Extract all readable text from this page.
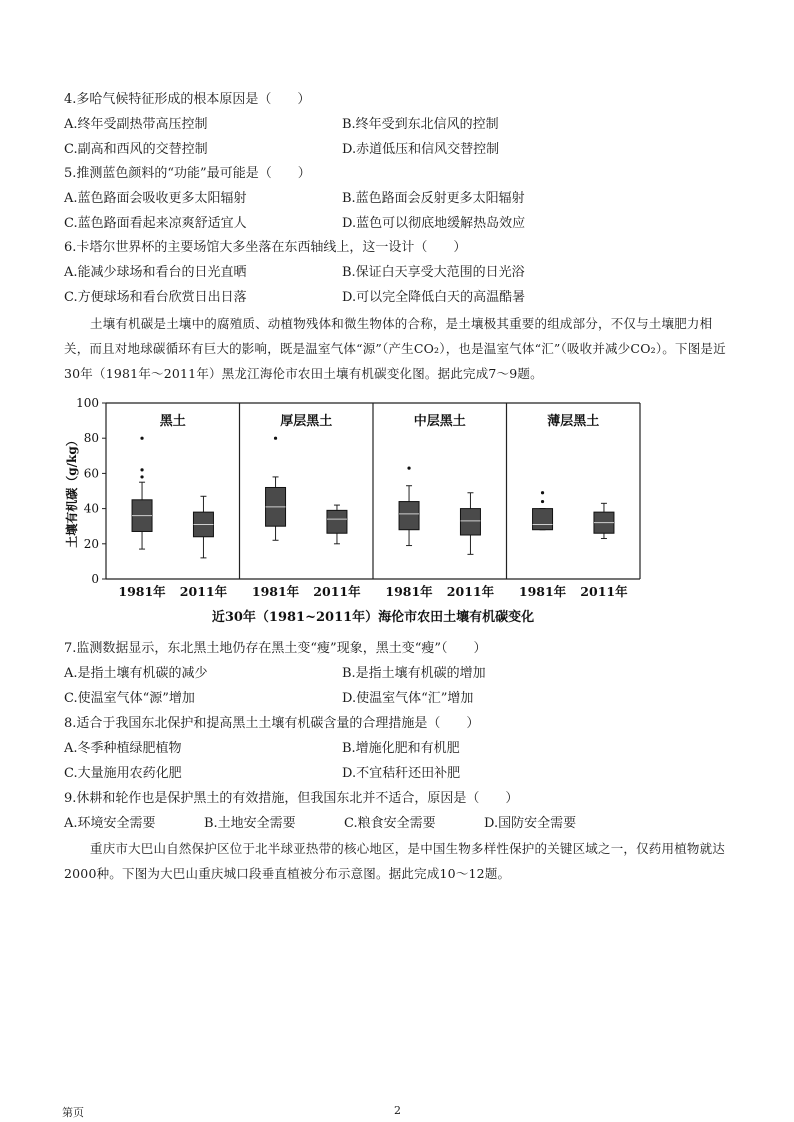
4.多哈气候特征形成的根本原因是（　　）
A.终年受副热带高压控制	B.终年受到东北信风的控制
C.副高和西风的交替控制	D.赤道低压和信风交替控制
5.推测蓝色颜料的“功能”最可能是（　　）
A.蓝色路面会吸收更多太阳辐射	B.蓝色路面会反射更多太阳辐射
C.蓝色路面看起来凉爽舒适宜人	D.蓝色可以彻底地缓解热岛效应
6.卡塔尔世界杯的主要场馆大多坐落在东西轴线上，这一设计（　　）
A.能减少球场和看台的日光直晒	B.保证白天享受大范围的日光浴
C.方便球场和看台欣赏日出日落	D.可以完全降低白天的高温酷暑
土壤有机碳是土壤中的腐殖质、动植物残体和微生物体的合称，是土壤极其重要的组成部分，不仅与土壤肥力相关，而且对地球碳循环有巨大的影响，既是温室气体“源”（产生CO₂），也是温室气体“汇”（吸收并减少CO₂）。下图是近30年（1981年～2011年）黑龙江海伦市农田土壤有机碳变化图。据此完成7～9题。
0
20
40
60
80
100
土壤有机碳（g/kg）
黑土
1981年 2011年
厚层黑土
1981年 2011年
中层黑土
1981年 2011年
薄层黑土
1981年 2011年
近30年（1981~2011年）海伦市农田土壤有机碳变化
7.监测数据显示，东北黑土地仍存在黑土变“瘦”现象，黑土变“瘦”（　　）
A.是指土壤有机碳的减少	B.是指土壤有机碳的增加
C.使温室气体“源”增加	D.使温室气体“汇”增加
8.适合于我国东北保护和提高黑土土壤有机碳含量的合理措施是（　　）
A.冬季种植绿肥植物	B.增施化肥和有机肥
C.大量施用农药化肥	D.不宜秸秆还田补肥
9.休耕和轮作也是保护黑土的有效措施，但我国东北并不适合，原因是（　　）
A.环境安全需要	B.土地安全需要	C.粮食安全需要	D.国防安全需要
重庆市大巴山自然保护区位于北半球亚热带的核心地区，是中国生物多样性保护的关键区域之一，仅药用植物就达2000种。下图为大巴山重庆城口段垂直植被分布示意图。据此完成10～12题。
第页	2
